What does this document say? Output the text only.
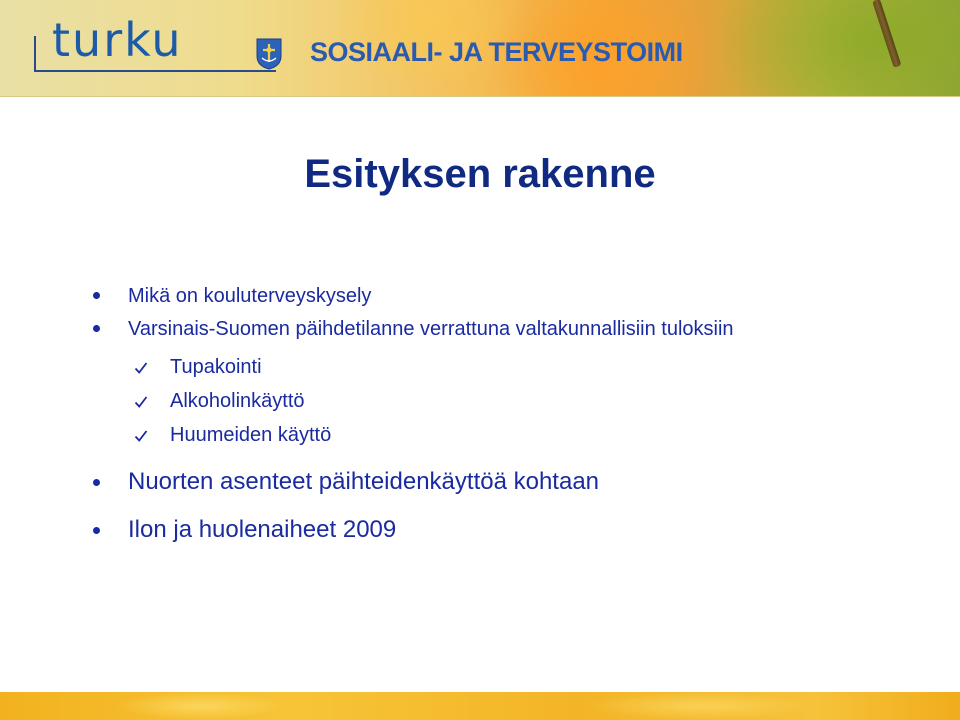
turku	SOSIAALI- JA TERVEYSTOIMI
Esityksen rakenne
Mikä on kouluterveyskysely
Varsinais-Suomen päihdetilanne verrattuna valtakunnallisiin tuloksiin
Tupakointi
Alkoholinkäyttö
Huumeiden käyttö
Nuorten asenteet päihteidenkäyttöä kohtaan
Ilon ja huolenaiheet 2009
